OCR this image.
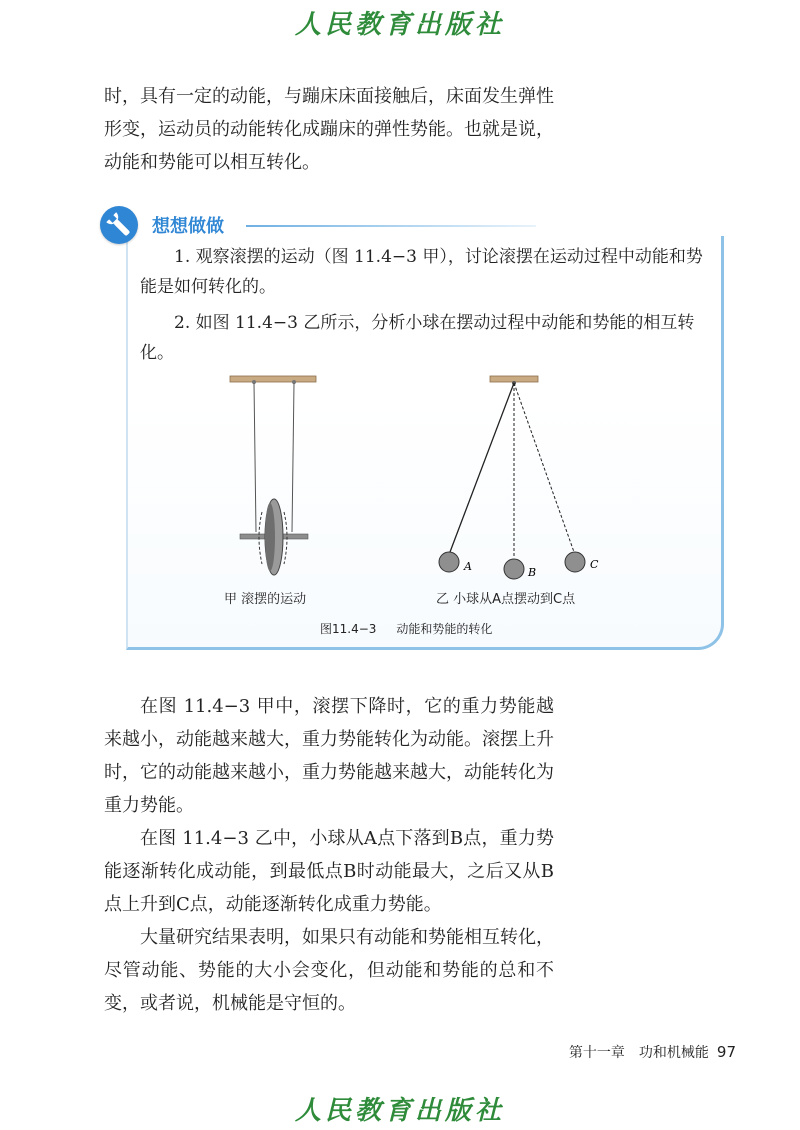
人民教育出版社

时，具有一定的动能，与蹦床床面接触后，床面发生弹性形变，运动员的动能转化成蹦床的弹性势能。也就是说，动能和势能可以相互转化。

想想做做

1. 观察滚摆的运动（图 11.4−3 甲），讨论滚摆在运动过程中动能和势能是如何转化的。

2. 如图 11.4−3 乙所示，分析小球在摆动过程中动能和势能的相互转化。

A	B
C
甲 滚摆的运动	乙 小球从A点摆动到C点
图11.4−3 动能和势能的转化

在图 11.4−3 甲中，滚摆下降时，它的重力势能越来越小，动能越来越大，重力势能转化为动能。滚摆上升时，它的动能越来越小，重力势能越来越大，动能转化为重力势能。

在图 11.4−3 乙中，小球从A点下落到B点，重力势能逐渐转化成动能，到最低点B时动能最大，之后又从B点上升到C点，动能逐渐转化成重力势能。

大量研究结果表明，如果只有动能和势能相互转化，尽管动能、势能的大小会变化，但动能和势能的总和不变，或者说，机械能是守恒的。

第十一章　功和机械能 97
人民教育出版社
